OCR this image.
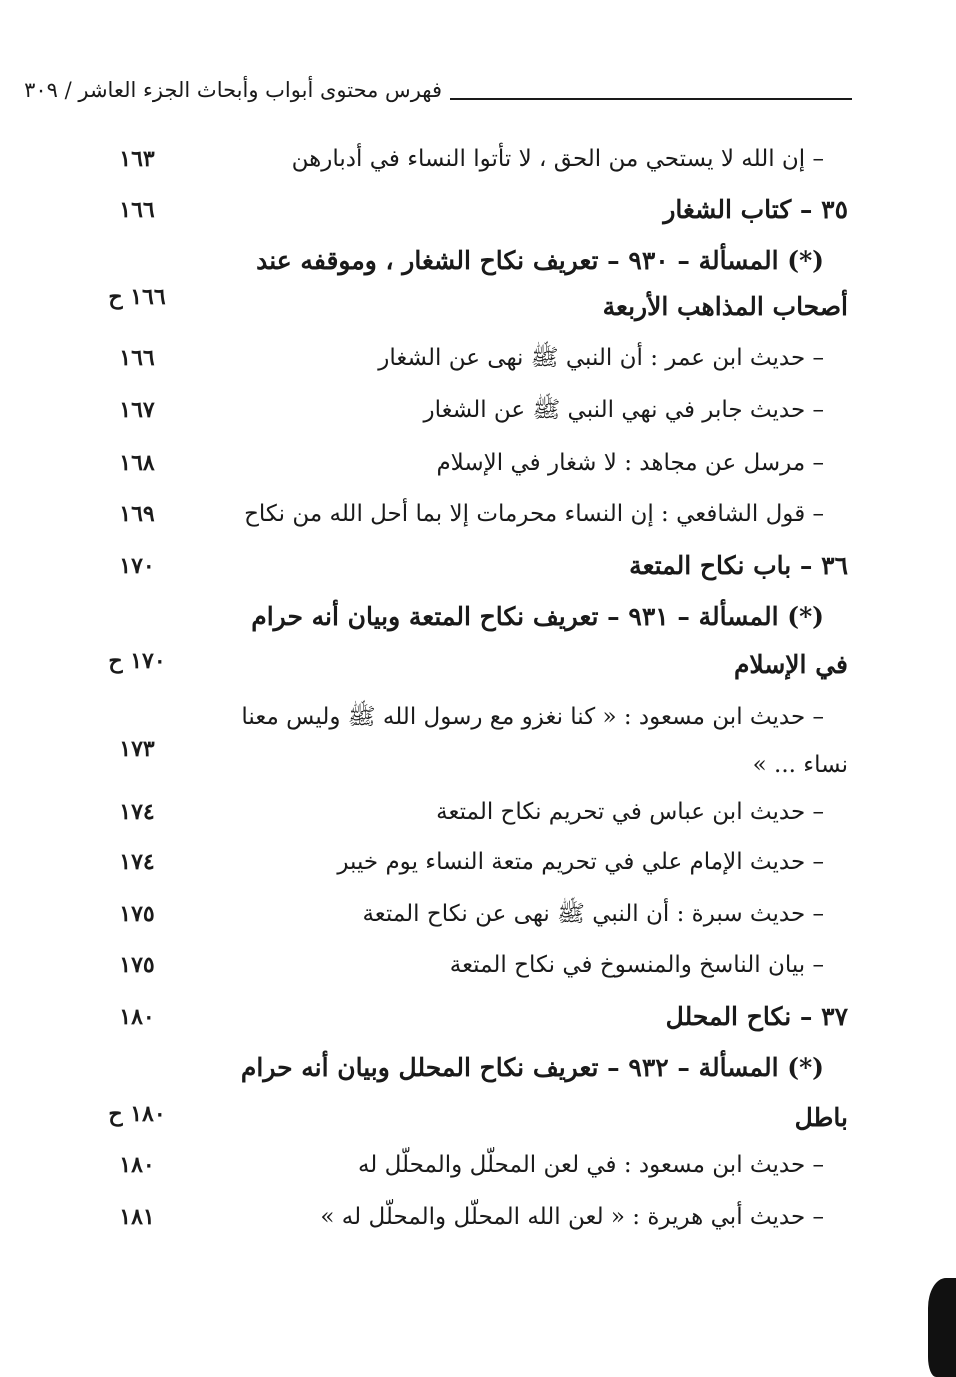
فهرس محتوى أبواب وأبحاث الجزء العاشر / ٣٠٩
– إن الله لا يستحي من الحق ، لا تأتوا النساء في أدبارهن
١٦٣
٣٥ – كتاب الشغار
١٦٦
(*) المسألة – ٩٣٠ – تعريف نكاح الشغار ، وموقفه عند
أصحاب المذاهب الأربعة
١٦٦ ح
– حديث ابن عمر : أن النبي ﷺ نهى عن الشغار
١٦٦
– حديث جابر في نهي النبي ﷺ عن الشغار
١٦٧
– مرسل عن مجاهد : لا شغار في الإسلام
١٦٨
– قول الشافعي : إن النساء محرمات إلا بما أحل الله من نكاح
١٦٩
٣٦ – باب نكاح المتعة
١٧٠
(*) المسألة – ٩٣١ – تعريف نكاح المتعة وبيان أنه حرام
في الإسلام
١٧٠ ح
– حديث ابن مسعود : « كنا نغزو مع رسول الله ﷺ وليس معنا
نساء ... »
١٧٣
– حديث ابن عباس في تحريم نكاح المتعة
١٧٤
– حديث الإمام علي في تحريم متعة النساء يوم خيبر
١٧٤
– حديث سبرة : أن النبي ﷺ نهى عن نكاح المتعة
١٧٥
– بيان الناسخ والمنسوخ في نكاح المتعة
١٧٥
٣٧ – نكاح المحلل
١٨٠
(*) المسألة – ٩٣٢ – تعريف نكاح المحلل وبيان أنه حرام
باطل
١٨٠ ح
– حديث ابن مسعود : في لعن المحلّل والمحلّل له
١٨٠
– حديث أبي هريرة : « لعن الله المحلّل والمحلّل له »
١٨١
